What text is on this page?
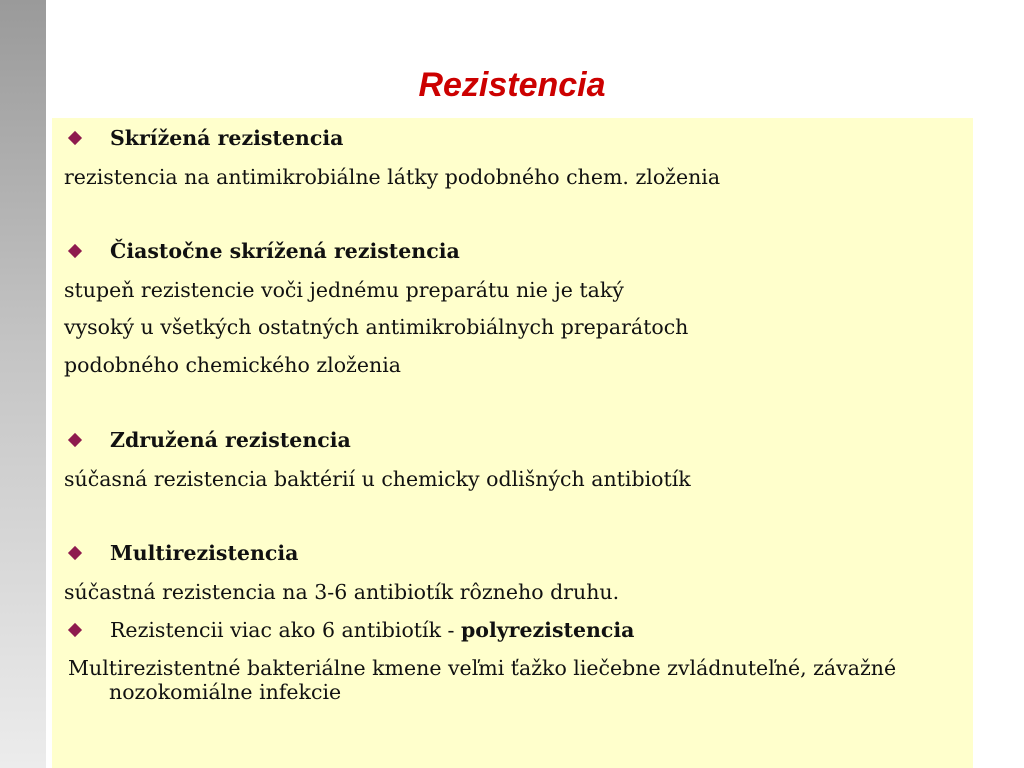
Rezistencia
Skrížená rezistencia
rezistencia na antimikrobiálne látky podobného chem. zloženia
Čiastočne skrížená rezistencia
stupeň rezistencie voči jednému preparátu nie je taký
vysoký u všetkých ostatných antimikrobiálnych preparátoch
podobného chemického zloženia
Združená rezistencia
súčasná rezistencia baktérií u chemicky odlišných antibiotík
Multirezistencia
súčastná rezistencia na 3-6 antibiotík rôzneho druhu.
Rezistencii viac ako 6 antibiotík - polyrezistencia
Multirezistentné bakteriálne kmene veľmi ťažko liečebne zvládnuteľné, závažné nozokomiálne infekcie
